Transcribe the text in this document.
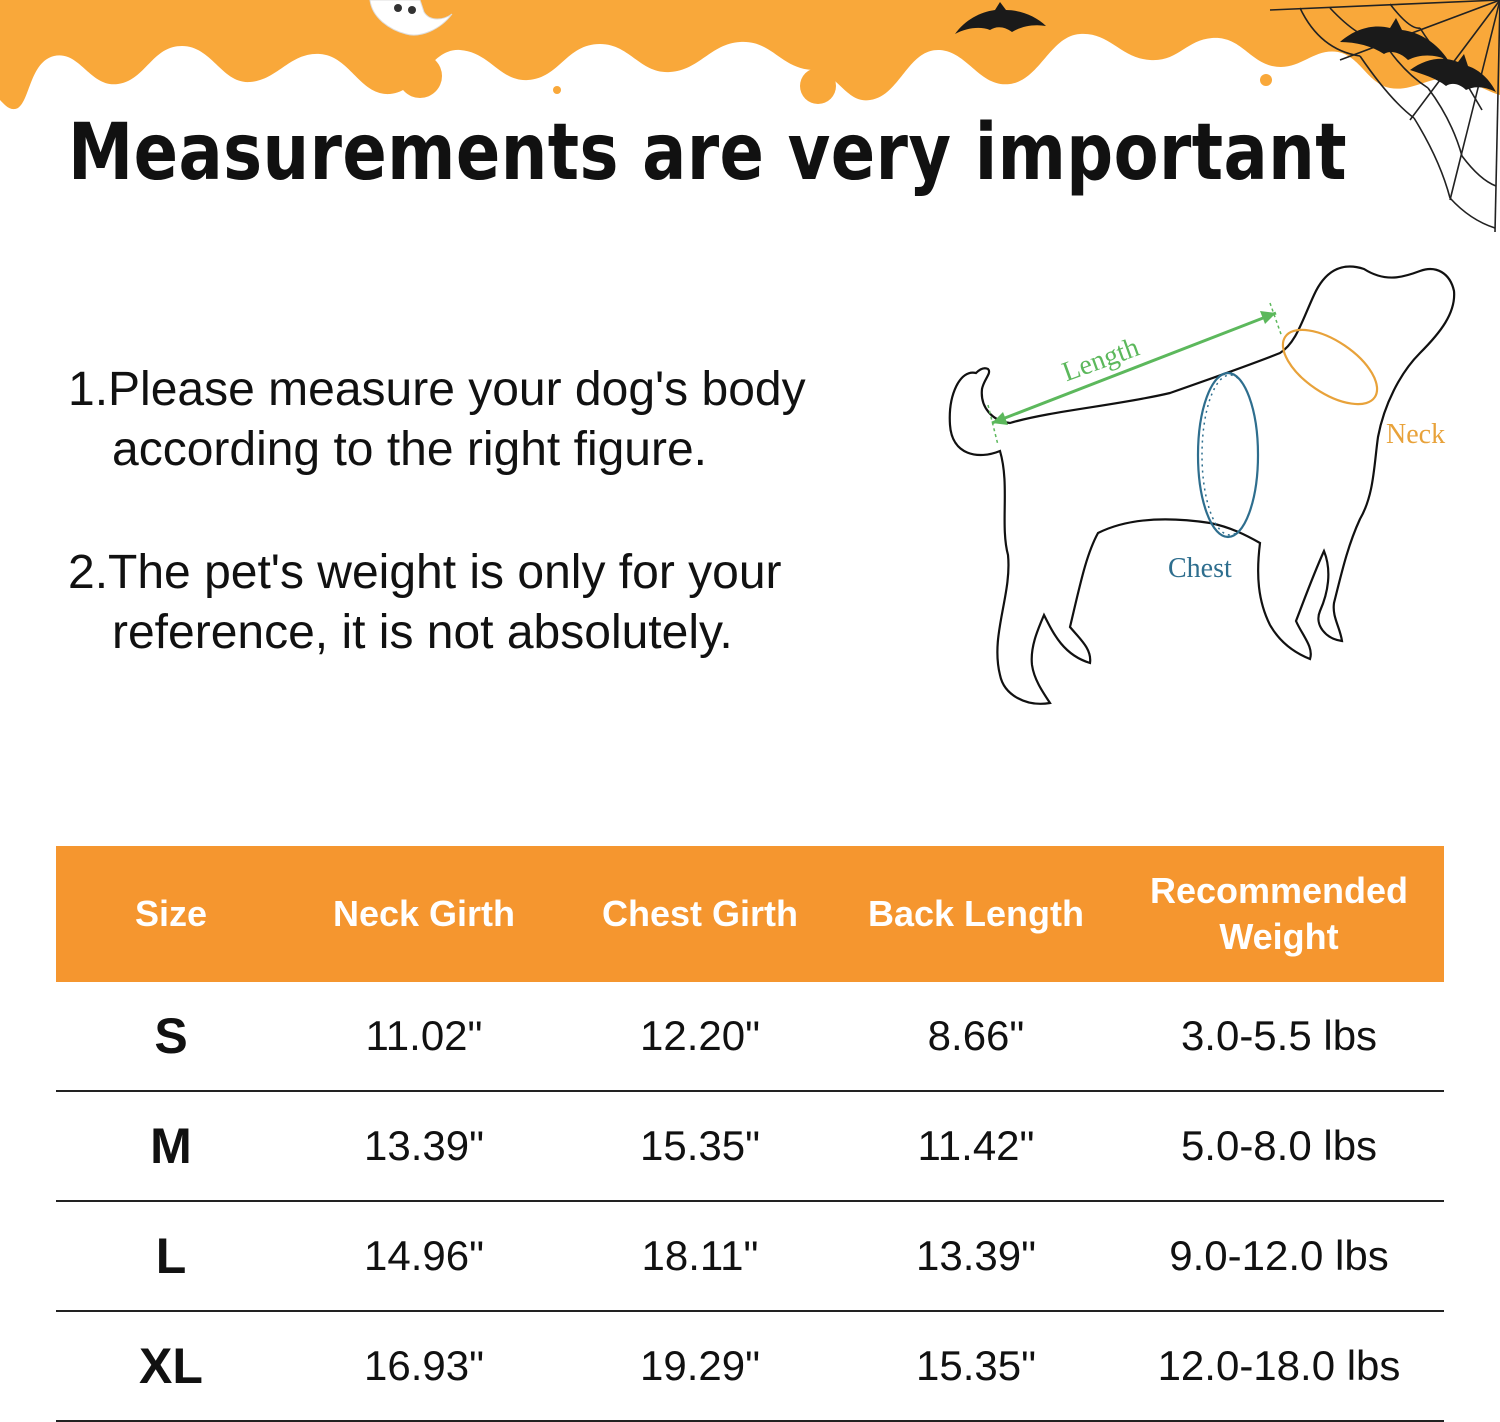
Measurements are very important

1.Please measure your dog's body
according to the right figure.

2.The pet's weight is only for your
reference, it is not absolutely.

Length
Chest
Neck
Size	Neck Girth	Chest Girth	Back Length	Recommended
Weight
S	11.02"	12.20"	8.66"	3.0-5.5 lbs
M	13.39"	15.35"	11.42"	5.0-8.0 lbs
L	14.96"	18.11"	13.39"	9.0-12.0 lbs
XL	16.93"	19.29"	15.35"	12.0-18.0 lbs
